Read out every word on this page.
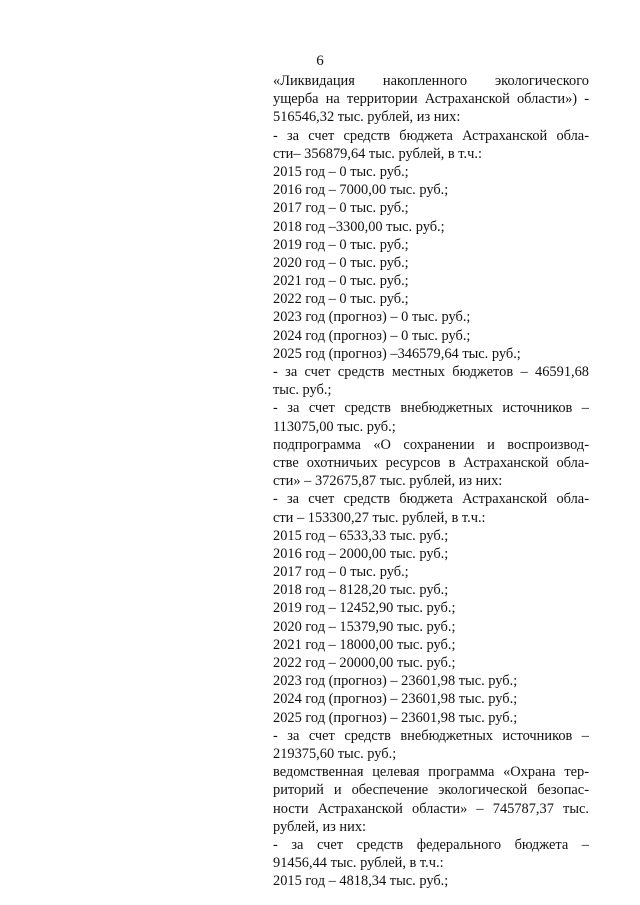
6
«Ликвидация накопленного экологического
ущерба на территории Астраханской области») -
516546,32 тыс. рублей, из них:
- за счет средств бюджета Астраханской обла-
сти– 356879,64 тыс. рублей, в т.ч.:
2015 год – 0 тыс. руб.;
2016 год – 7000,00 тыс. руб.;
2017 год – 0 тыс. руб.;
2018 год –3300,00 тыс. руб.;
2019 год – 0 тыс. руб.;
2020 год – 0 тыс. руб.;
2021 год – 0 тыс. руб.;
2022 год – 0 тыс. руб.;
2023 год (прогноз) – 0 тыс. руб.;
2024 год (прогноз) – 0 тыс. руб.;
2025 год (прогноз) –346579,64 тыс. руб.;
- за счет средств местных бюджетов – 46591,68
тыс. руб.;
- за счет средств внебюджетных источников –
113075,00 тыс. руб.;
подпрограмма «О сохранении и воспроизвод-
стве охотничьих ресурсов в Астраханской обла-
сти» – 372675,87 тыс. рублей, из них:
- за счет средств бюджета Астраханской обла-
сти – 153300,27 тыс. рублей, в т.ч.:
2015 год – 6533,33 тыс. руб.;
2016 год – 2000,00 тыс. руб.;
2017 год – 0 тыс. руб.;
2018 год – 8128,20 тыс. руб.;
2019 год – 12452,90 тыс. руб.;
2020 год – 15379,90 тыс. руб.;
2021 год – 18000,00 тыс. руб.;
2022 год – 20000,00 тыс. руб.;
2023 год (прогноз) – 23601,98 тыс. руб.;
2024 год (прогноз) – 23601,98 тыс. руб.;
2025 год (прогноз) – 23601,98 тыс. руб.;
- за счет средств внебюджетных источников –
219375,60 тыс. руб.;
ведомственная целевая программа «Охрана тер-
риторий и обеспечение экологической безопас-
ности Астраханской области» – 745787,37 тыс.
рублей, из них:
- за счет средств федерального бюджета –
91456,44 тыс. рублей, в т.ч.:
2015 год – 4818,34 тыс. руб.;
